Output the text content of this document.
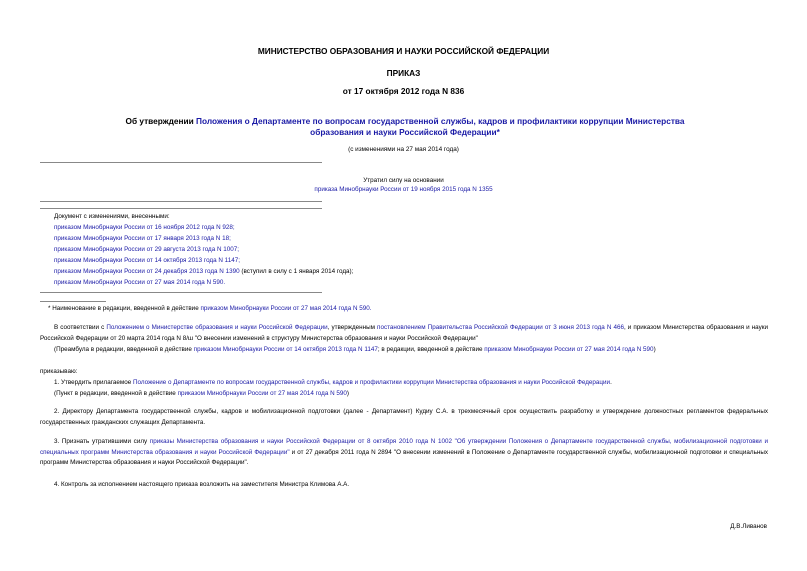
МИНИСТЕРСТВО ОБРАЗОВАНИЯ И НАУКИ РОССИЙСКОЙ ФЕДЕРАЦИИ
ПРИКАЗ
от 17 октября 2012 года N 836
Об утверждении Положения о Департаменте по вопросам государственной службы, кадров и профилактики коррупции Министерства образования и науки Российской Федерации*
(с изменениями на 27 мая 2014 года)
Утратил силу на основании
приказа Минобрнауки России от 19 ноября 2015 года N 1355
Документ с изменениями, внесенными:
приказом Минобрнауки России от 16 ноября 2012 года N 928;
приказом Минобрнауки России от 17 января 2013 года N 18;
приказом Минобрнауки России от 29 августа 2013 года N 1007;
приказом Минобрнауки России от 14 октября 2013 года N 1147;
приказом Минобрнауки России от 24 декабря 2013 года N 1390 (вступил в силу с 1 января 2014 года);
приказом Минобрнауки России от 27 мая 2014 года N 590.
* Наименование в редакции, введенной в действие приказом Минобрнауки России от 27 мая 2014 года N 590.
В соответствии с Положением о Министерстве образования и науки Российской Федерации, утвержденным постановлением Правительства Российской Федерации от 3 июня 2013 года N 466, и приказом Министерства образования и науки Российской Федерации от 20 марта 2014 года N 8/ш "О внесении изменений в структуру Министерства образования и науки Российской Федерации"
(Преамбула в редакции, введенной в действие приказом Минобрнауки России от 14 октября 2013 года N 1147; в редакции, введенной в действие приказом Минобрнауки России от 27 мая 2014 года N 590)
приказываю:
1. Утвердить прилагаемое Положение о Департаменте по вопросам государственной службы, кадров и профилактики коррупции Министерства образования и науки Российской Федерации.
(Пункт в редакции, введенной в действие приказом Минобрнауки России от 27 мая 2014 года N 590)
2. Директору Департамента государственной службы, кадров и мобилизационной подготовки (далее - Департамент) Кудиу С.А. в трехмесячный срок осуществить разработку и утверждение должностных регламентов федеральных государственных гражданских служащих Департамента.
3. Признать утратившими силу приказы Министерства образования и науки Российской Федерации от 8 октября 2010 года N 1002 "Об утверждении Положения о Департаменте государственной службы, мобилизационной подготовки и специальных программ Министерства образования и науки Российской Федерации" и от 27 декабря 2011 года N 2894 "О внесении изменений в Положение о Департаменте государственной службы, мобилизационной подготовки и специальных программ Министерства образования и науки Российской Федерации".
4. Контроль за исполнением настоящего приказа возложить на заместителя Министра Климова А.А.
Д.В.Ливанов
